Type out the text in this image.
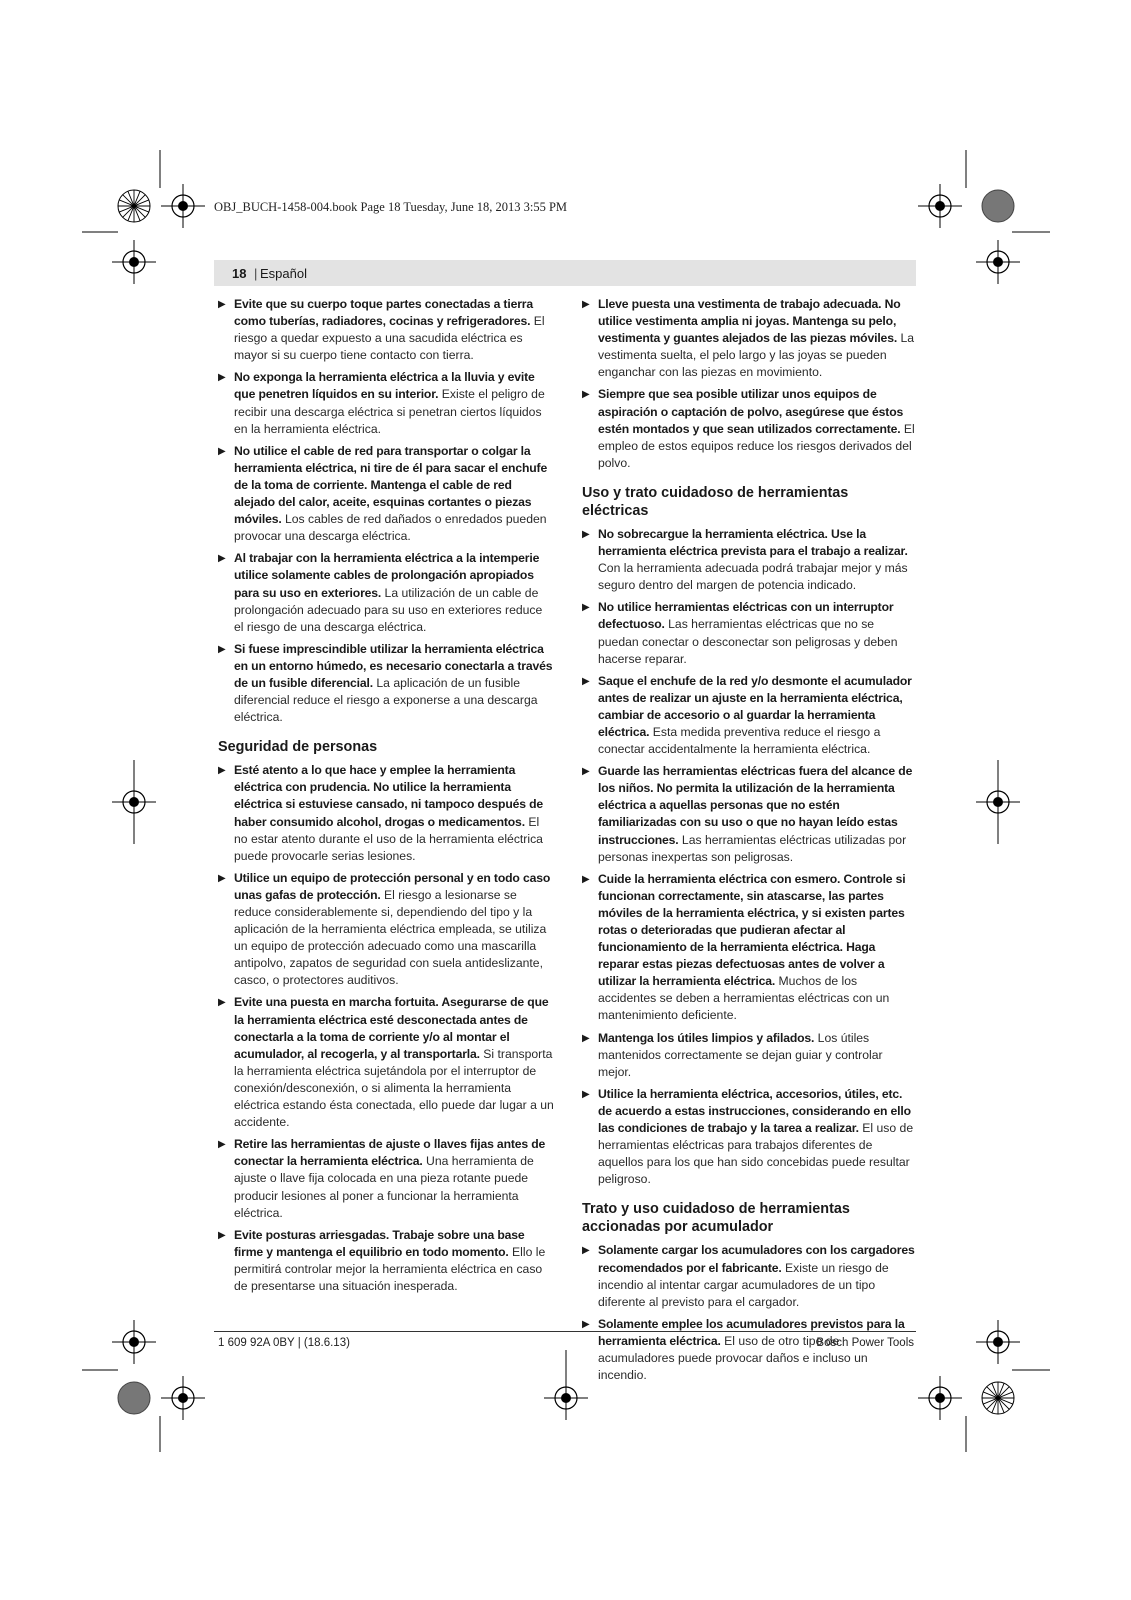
OBJ_BUCH-1458-004.book Page 18 Tuesday, June 18, 2013 3:55 PM
18 | Español

▶ Evite que su cuerpo toque partes conectadas a tierra como tuberías, radiadores, cocinas y refrigeradores. El riesgo a quedar expuesto a una sacudida eléctrica es mayor si su cuerpo tiene contacto con tierra.

▶ No exponga la herramienta eléctrica a la lluvia y evite que penetren líquidos en su interior. Existe el peligro de recibir una descarga eléctrica si penetran ciertos líquidos en la herramienta eléctrica.

▶ No utilice el cable de red para transportar o colgar la herramienta eléctrica, ni tire de él para sacar el enchufe de la toma de corriente. Mantenga el cable de red alejado del calor, aceite, esquinas cortantes o piezas móviles. Los cables de red dañados o enredados pueden provocar una descarga eléctrica.

▶ Al trabajar con la herramienta eléctrica a la intemperie utilice solamente cables de prolongación apropiados para su uso en exteriores. La utilización de un cable de prolongación adecuado para su uso en exteriores reduce el riesgo de una descarga eléctrica.

▶ Si fuese imprescindible utilizar la herramienta eléctrica en un entorno húmedo, es necesario conectarla a través de un fusible diferencial. La aplicación de un fusible diferencial reduce el riesgo a exponerse a una descarga eléctrica.

Seguridad de personas

▶ Esté atento a lo que hace y emplee la herramienta eléctrica con prudencia. No utilice la herramienta eléctrica si estuviese cansado, ni tampoco después de haber consumido alcohol, drogas o medicamentos. El no estar atento durante el uso de la herramienta eléctrica puede provocarle serias lesiones.

▶ Utilice un equipo de protección personal y en todo caso unas gafas de protección. El riesgo a lesionarse se reduce considerablemente si, dependiendo del tipo y la aplicación de la herramienta eléctrica empleada, se utiliza un equipo de protección adecuado como una mascarilla antipolvo, zapatos de seguridad con suela antideslizante, casco, o protectores auditivos.

▶ Evite una puesta en marcha fortuita. Asegurarse de que la herramienta eléctrica esté desconectada antes de conectarla a la toma de corriente y/o al montar el acumulador, al recogerla, y al transportarla. Si transporta la herramienta eléctrica sujetándola por el interruptor de conexión/desconexión, o si alimenta la herramienta eléctrica estando ésta conectada, ello puede dar lugar a un accidente.

▶ Retire las herramientas de ajuste o llaves fijas antes de conectar la herramienta eléctrica. Una herramienta de ajuste o llave fija colocada en una pieza rotante puede producir lesiones al poner a funcionar la herramienta eléctrica.

▶ Evite posturas arriesgadas. Trabaje sobre una base firme y mantenga el equilibrio en todo momento. Ello le permitirá controlar mejor la herramienta eléctrica en caso de presentarse una situación inesperada.

▶ Lleve puesta una vestimenta de trabajo adecuada. No utilice vestimenta amplia ni joyas. Mantenga su pelo, vestimenta y guantes alejados de las piezas móviles. La vestimenta suelta, el pelo largo y las joyas se pueden enganchar con las piezas en movimiento.

▶ Siempre que sea posible utilizar unos equipos de aspiración o captación de polvo, asegúrese que éstos estén montados y que sean utilizados correctamente. El empleo de estos equipos reduce los riesgos derivados del polvo.

Uso y trato cuidadoso de herramientas eléctricas

▶ No sobrecargue la herramienta eléctrica. Use la herramienta eléctrica prevista para el trabajo a realizar. Con la herramienta adecuada podrá trabajar mejor y más seguro dentro del margen de potencia indicado.

▶ No utilice herramientas eléctricas con un interruptor defectuoso. Las herramientas eléctricas que no se puedan conectar o desconectar son peligrosas y deben hacerse reparar.

▶ Saque el enchufe de la red y/o desmonte el acumulador antes de realizar un ajuste en la herramienta eléctrica, cambiar de accesorio o al guardar la herramienta eléctrica. Esta medida preventiva reduce el riesgo a conectar accidentalmente la herramienta eléctrica.

▶ Guarde las herramientas eléctricas fuera del alcance de los niños. No permita la utilización de la herramienta eléctrica a aquellas personas que no estén familiarizadas con su uso o que no hayan leído estas instrucciones. Las herramientas eléctricas utilizadas por personas inexpertas son peligrosas.

▶ Cuide la herramienta eléctrica con esmero. Controle si funcionan correctamente, sin atascarse, las partes móviles de la herramienta eléctrica, y si existen partes rotas o deterioradas que pudieran afectar al funcionamiento de la herramienta eléctrica. Haga reparar estas piezas defectuosas antes de volver a utilizar la herramienta eléctrica. Muchos de los accidentes se deben a herramientas eléctricas con un mantenimiento deficiente.

▶ Mantenga los útiles limpios y afilados. Los útiles mantenidos correctamente se dejan guiar y controlar mejor.

▶ Utilice la herramienta eléctrica, accesorios, útiles, etc. de acuerdo a estas instrucciones, considerando en ello las condiciones de trabajo y la tarea a realizar. El uso de herramientas eléctricas para trabajos diferentes de aquellos para los que han sido concebidas puede resultar peligroso.

Trato y uso cuidadoso de herramientas accionadas por acumulador

▶ Solamente cargar los acumuladores con los cargadores recomendados por el fabricante. Existe un riesgo de incendio al intentar cargar acumuladores de un tipo diferente al previsto para el cargador.

▶ Solamente emplee los acumuladores previstos para la herramienta eléctrica. El uso de otro tipo de acumuladores puede provocar daños e incluso un incendio.

1 609 92A 0BY | (18.6.13)	Bosch Power Tools
